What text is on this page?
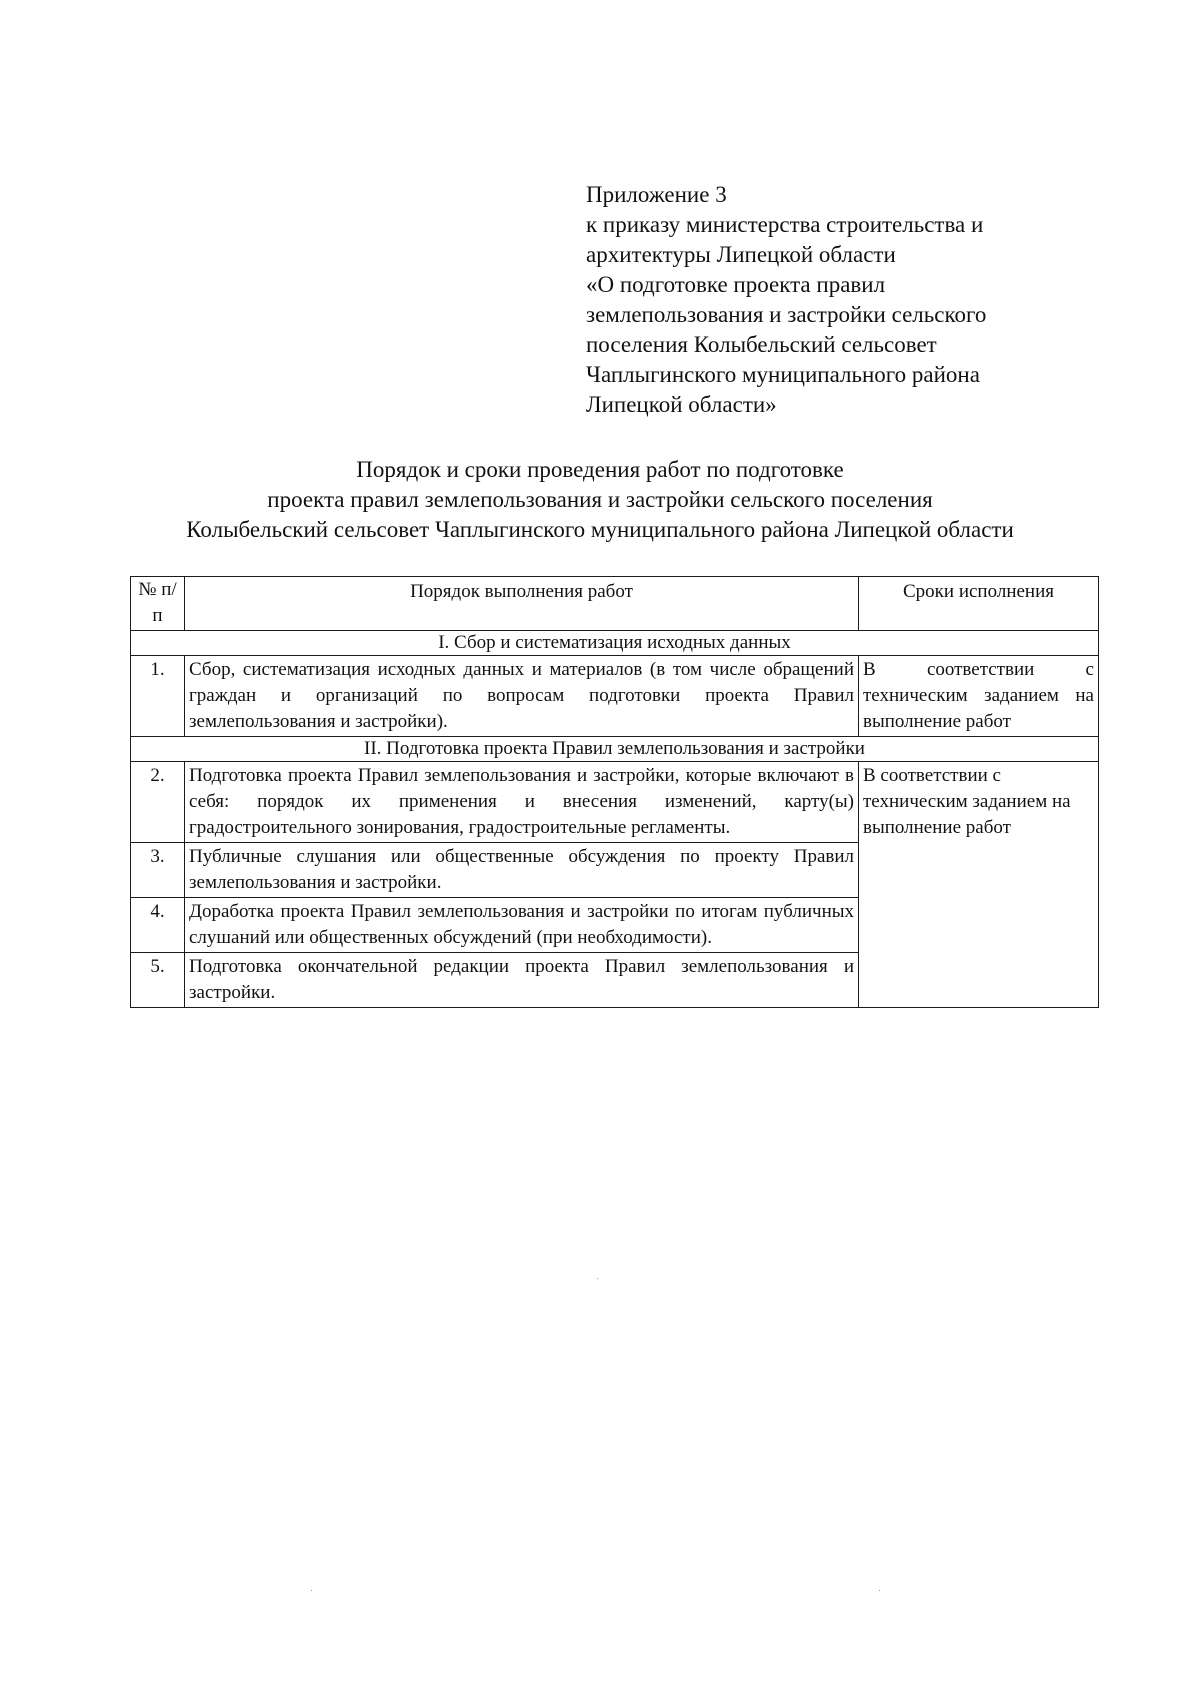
Приложение 3
к приказу министерства строительства и
архитектуры Липецкой области
«О подготовке проекта правил
землепользования и застройки сельского
поселения Колыбельский сельсовет
Чаплыгинского муниципального района
Липецкой области»
Порядок и сроки проведения работ по подготовке
проекта правил землепользования и застройки сельского поселения
Колыбельский сельсовет Чаплыгинского муниципального района Липецкой области
№ п/п	Порядок выполнения работ	Сроки исполнения
I. Сбор и систематизация исходных данных		
1.	Сбор, систематизация исходных данных и материалов (в том числе обращений граждан и организаций по вопросам подготовки проекта Правил землепользования и застройки).	В соответствии с техническим заданием на выполнение работ
II. Подготовка проекта Правил землепользования и застройки		
2.	Подготовка проекта Правил землепользования и застройки, которые включают в себя: порядок их применения и внесения изменений, карту(ы) градостроительного зонирования, градостроительные регламенты.	В соответствии с техническим заданием на выполнение работ
3.	Публичные слушания или общественные обсуждения по проекту Правил землепользования и застройки.	
4.	Доработка проекта Правил землепользования и застройки по итогам публичных слушаний или общественных обсуждений (при необходимости).	
5.	Подготовка окончательной редакции проекта Правил землепользования и застройки.	
